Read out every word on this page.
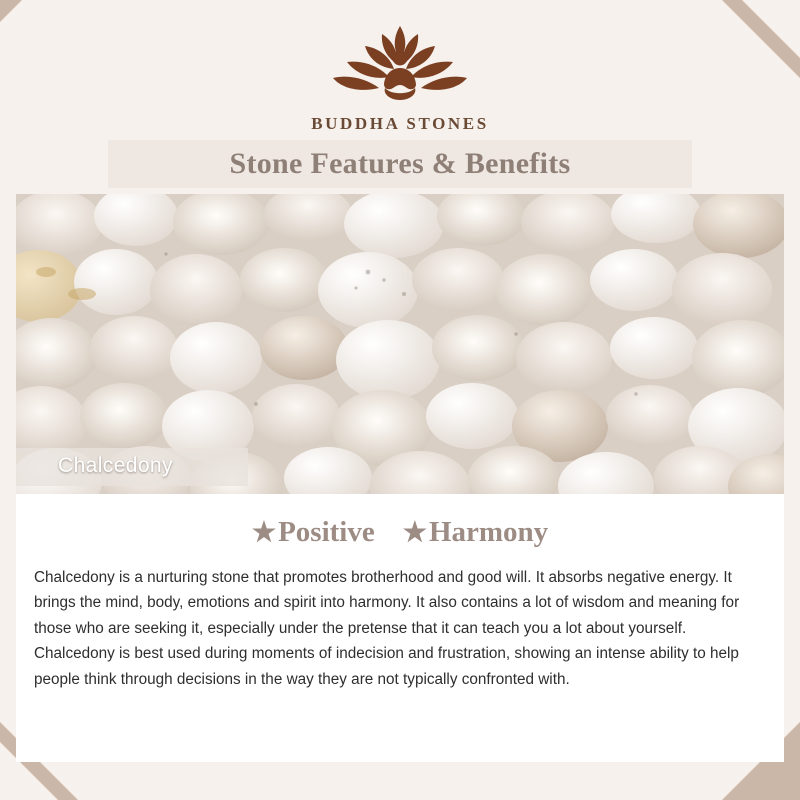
BUDDHA STONES
Stone Features & Benefits
Chalcedony
★ Positive ★ Harmony

Chalcedony is a nurturing stone that promotes brotherhood and good will. It absorbs negative energy. It brings the mind, body, emotions and spirit into harmony. It also contains a lot of wisdom and meaning for those who are seeking it, especially under the pretense that it can teach you a lot about yourself. Chalcedony is best used during moments of indecision and frustration, showing an intense ability to help people think through decisions in the way they are not typically confronted with.
